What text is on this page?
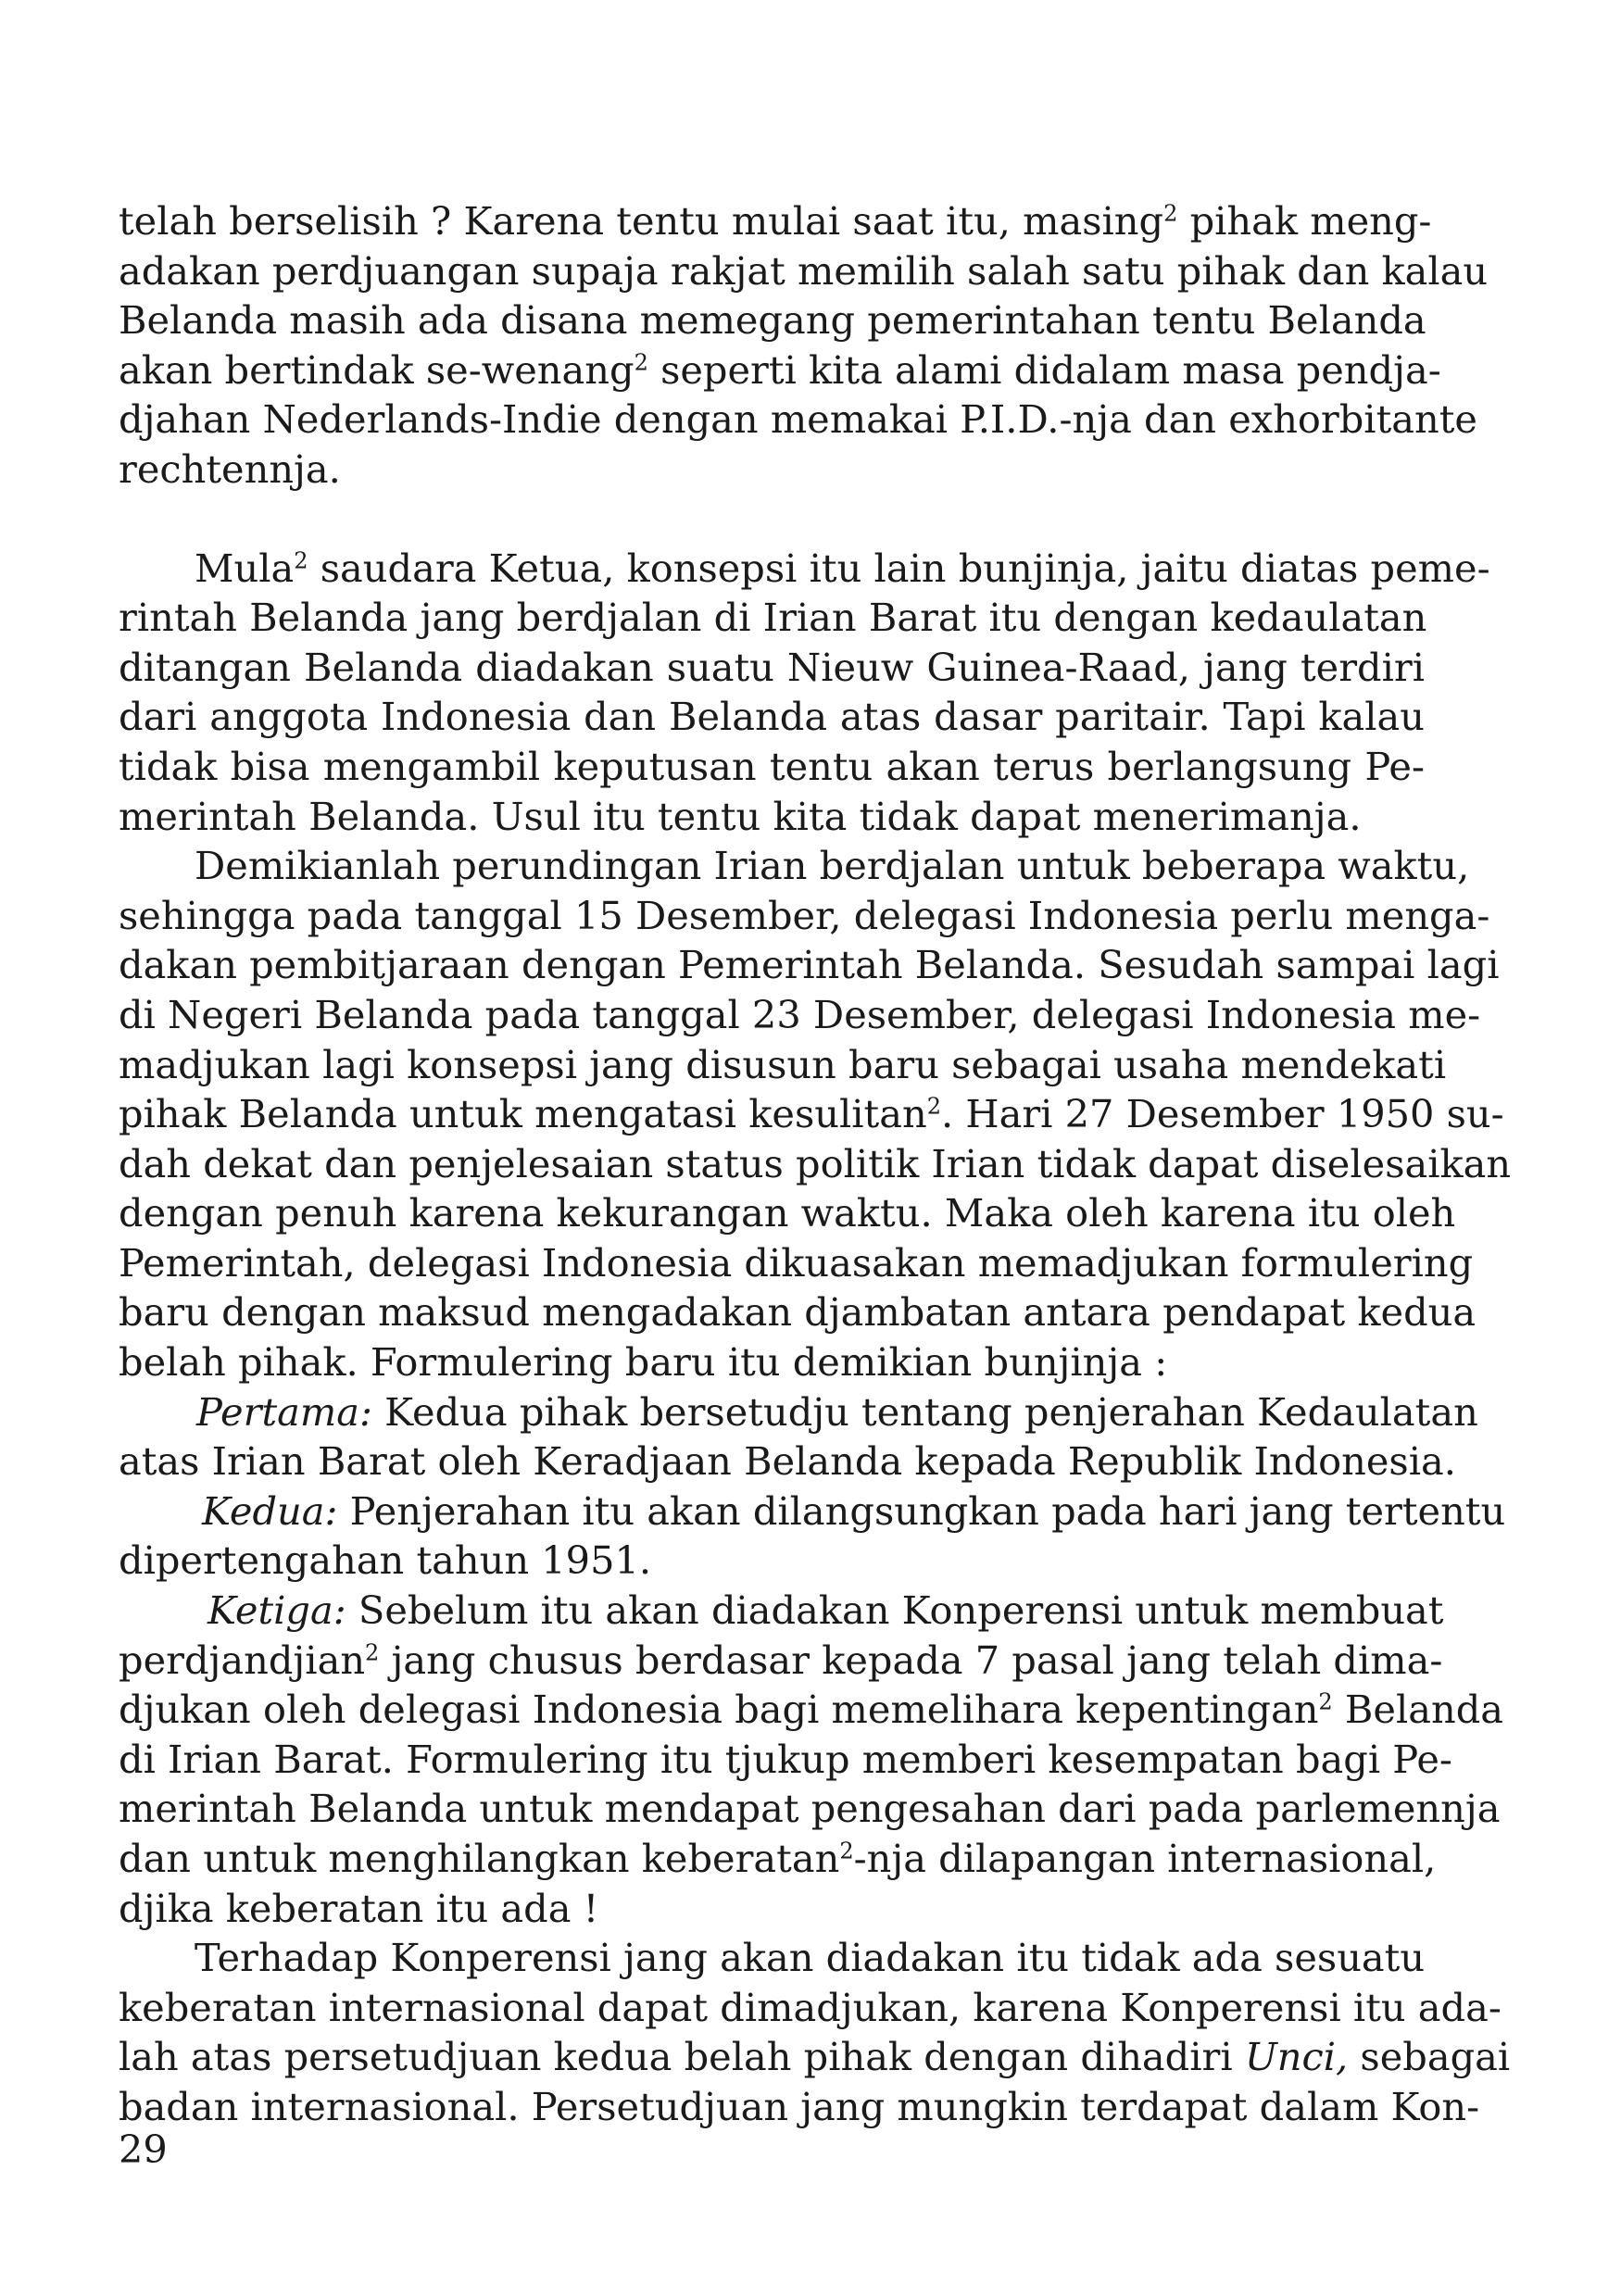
telah berselisih ? Karena tentu mulai saat itu, masing$^2$ pihak meng-
adakan perdjuangan supaja rakjat memilih salah satu pihak dan kalau
Belanda masih ada disana memegang pemerintahan tentu Belanda
akan bertindak se-wenang$^2$ seperti kita alami didalam masa pendja-
djahan Nederlands-Indie dengan memakai P.I.D.-nja dan exhorbitante
rechtennja.
Mula$^2$ saudara Ketua, konsepsi itu lain bunjinja, jaitu diatas peme-
rintah Belanda jang berdjalan di Irian Barat itu dengan kedaulatan
ditangan Belanda diadakan suatu Nieuw Guinea-Raad, jang terdiri
dari anggota Indonesia dan Belanda atas dasar paritair. Tapi kalau
tidak bisa mengambil keputusan tentu akan terus berlangsung Pe-
merintah Belanda. Usul itu tentu kita tidak dapat menerimanja.
Demikianlah perundingan Irian berdjalan untuk beberapa waktu,
sehingga pada tanggal 15 Desember, delegasi Indonesia perlu menga-
dakan pembitjaraan dengan Pemerintah Belanda. Sesudah sampai lagi
di Negeri Belanda pada tanggal 23 Desember, delegasi Indonesia me-
madjukan lagi konsepsi jang disusun baru sebagai usaha mendekati
pihak Belanda untuk mengatasi kesulitan$^2$. Hari 27 Desember 1950 su-
dah dekat dan penjelesaian status politik Irian tidak dapat diselesaikan
dengan penuh karena kekurangan waktu. Maka oleh karena itu oleh
Pemerintah, delegasi Indonesia dikuasakan memadjukan formulering
baru dengan maksud mengadakan djambatan antara pendapat kedua
belah pihak. Formulering baru itu demikian bunjinja :
Pertama: Kedua pihak bersetudju tentang penjerahan Kedaulatan
atas Irian Barat oleh Keradjaan Belanda kepada Republik Indonesia.
Kedua: Penjerahan itu akan dilangsungkan pada hari jang tertentu
dipertengahan tahun 1951.
Ketiga: Sebelum itu akan diadakan Konperensi untuk membuat
perdjandjian$^2$ jang chusus berdasar kepada 7 pasal jang telah dima-
djukan oleh delegasi Indonesia bagi memelihara kepentingan$^2$ Belanda
di Irian Barat. Formulering itu tjukup memberi kesempatan bagi Pe-
merintah Belanda untuk mendapat pengesahan dari pada parlemennja
dan untuk menghilangkan keberatan$^2$-nja dilapangan internasional,
djika keberatan itu ada !
Terhadap Konperensi jang akan diadakan itu tidak ada sesuatu
keberatan internasional dapat dimadjukan, karena Konperensi itu ada-
lah atas persetudjuan kedua belah pihak dengan dihadiri Unci, sebagai
badan internasional. Persetudjuan jang mungkin terdapat dalam Kon-
29
